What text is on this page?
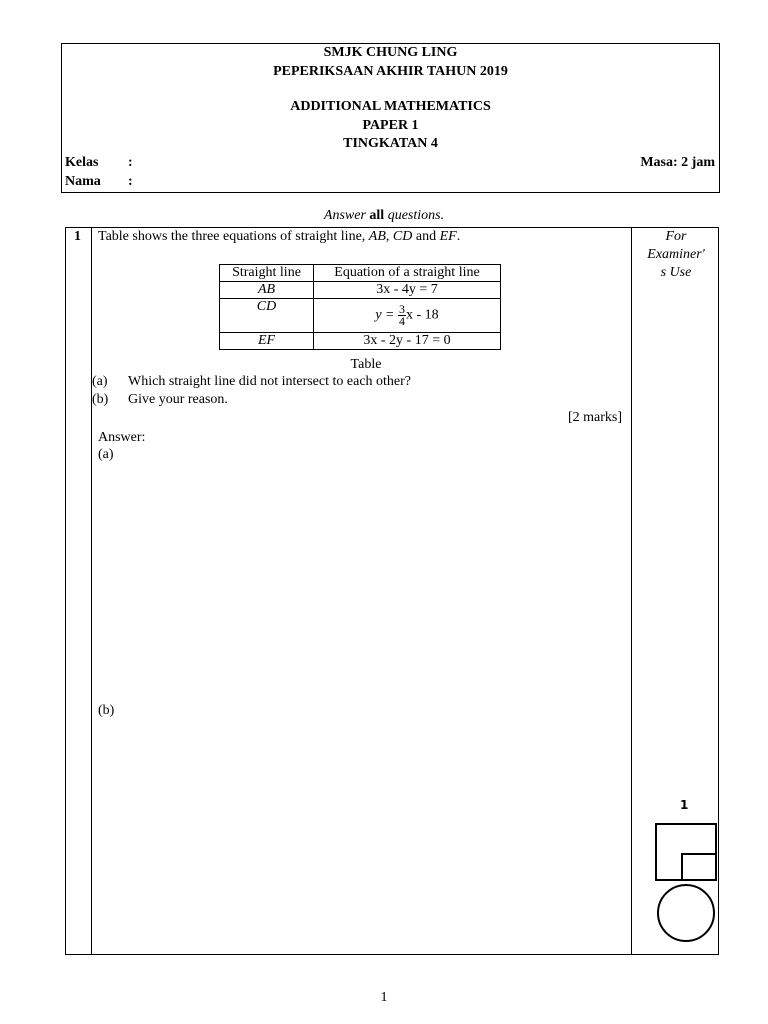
SMJK CHUNG LING
PEPERIKSAAN AKHIR TAHUN 2019
ADDITIONAL MATHEMATICS
PAPER 1
TINGKATAN 4
Kelas :
Nama :
Masa: 2 jam
Answer all questions.
1 Table shows the three equations of straight line, AB, CD and EF.
Straight line	Equation of a straight line
AB	3x - 4y = 7
CD	$y = \frac{3}{4}$ x - 18
EF	3x - 2y - 17 = 0
Table
(a) Which straight line did not intersect to each other?
(b) Give your reason.
[2 marks]
Answer:
(a)
(b)
For
Examiner'
s Use
1
1
